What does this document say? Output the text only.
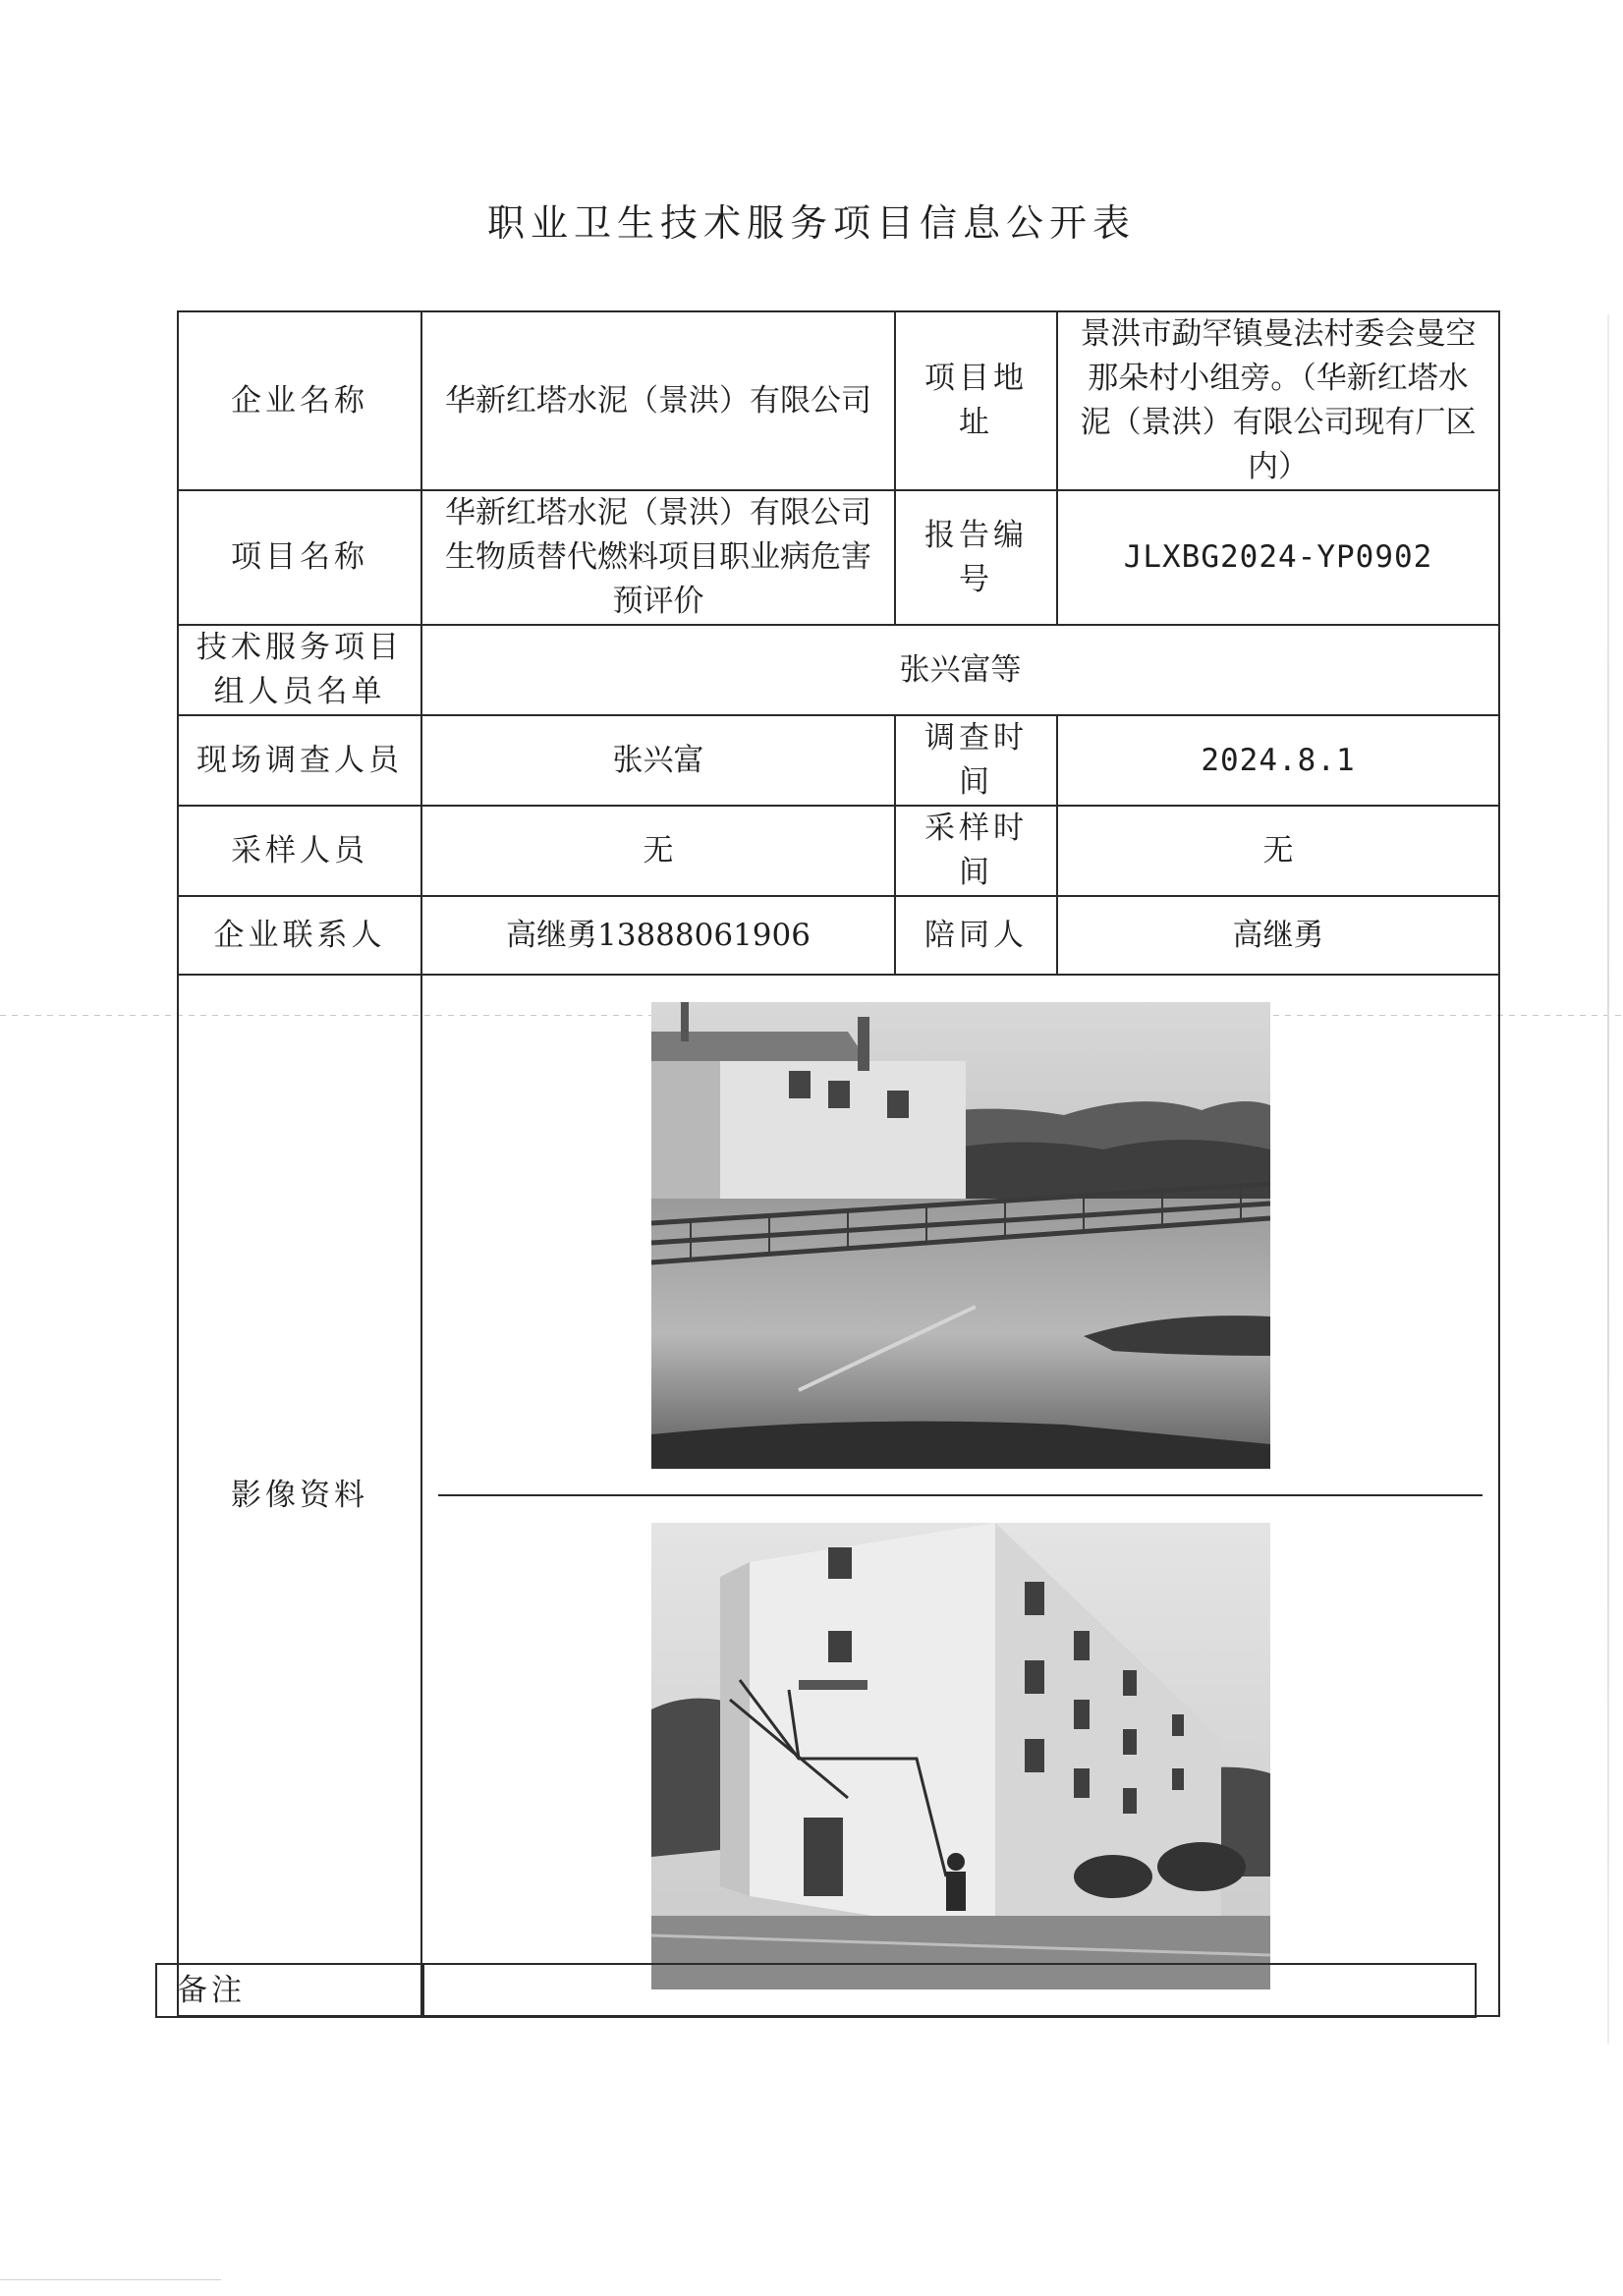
职业卫生技术服务项目信息公开表
企业名称	华新红塔水泥（景洪）有限公司	项目地址	景洪市勐罕镇曼法村委会曼空那朵村小组旁。（华新红塔水泥（景洪）有限公司现有厂区内）
项目名称	华新红塔水泥（景洪）有限公司生物质替代燃料项目职业病危害预评价	报告编号	JLXBG2024-YP0902
技术服务项目组人员名单	张兴富等		
现场调查人员	张兴富	调查时间	2024.8.1
采样人员	无	采样时间	无
企业联系人	高继勇13888061906	陪同人	高继勇
影像资料	
备注
